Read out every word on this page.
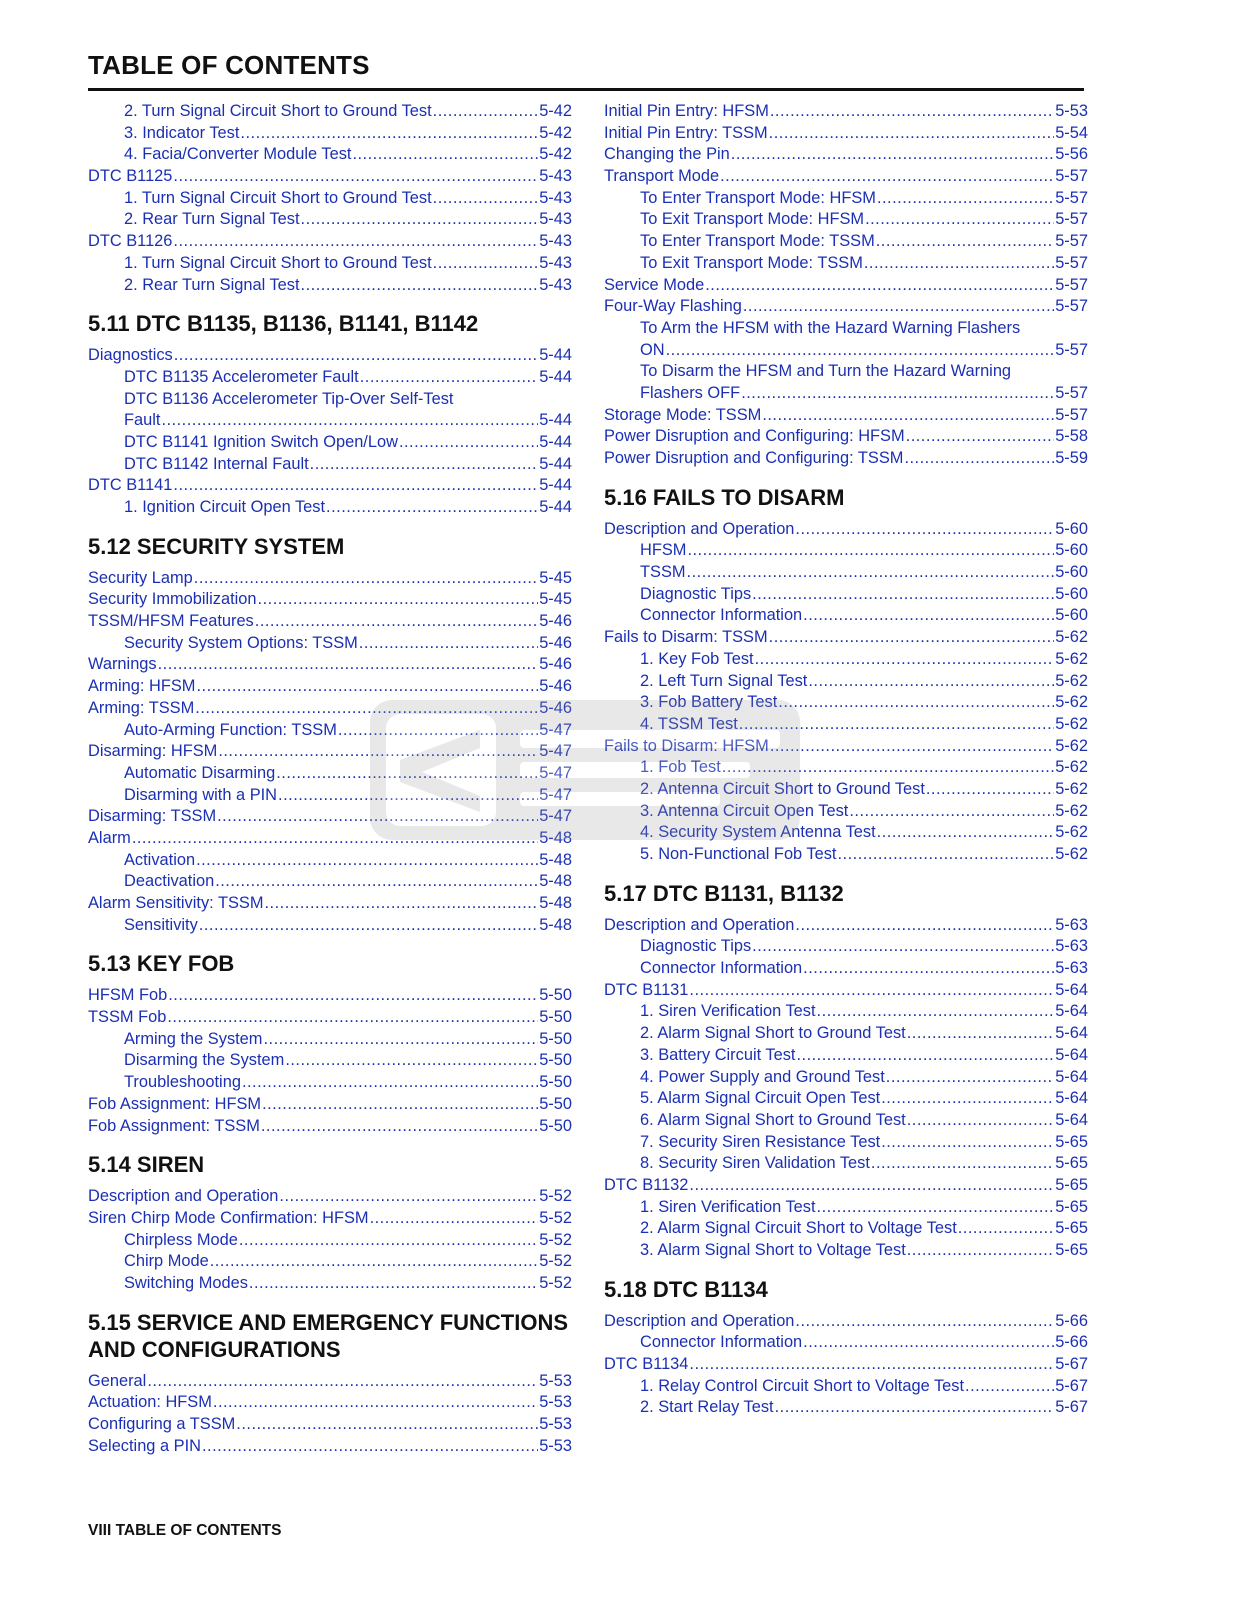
TABLE OF CONTENTS
2. Turn Signal Circuit Short to Ground Test .....	5-42
3. Indicator Test .....	5-42
4. Facia/Converter Module Test .....	5-42
DTC B1125 .....	5-43
1. Turn Signal Circuit Short to Ground Test .....	5-43
2. Rear Turn Signal Test .....	5-43
DTC B1126 .....	5-43
1. Turn Signal Circuit Short to Ground Test .....	5-43
2. Rear Turn Signal Test .....	5-43
5.11 DTC B1135, B1136, B1141, B1142
Diagnostics .....	5-44
DTC B1135 Accelerometer Fault .....	5-44
DTC B1136 Accelerometer Tip-Over Self-Test
Fault .....	5-44
DTC B1141 Ignition Switch Open/Low .....	5-44
DTC B1142 Internal Fault .....	5-44
DTC B1141 .....	5-44
1. Ignition Circuit Open Test .....	5-44
5.12 SECURITY SYSTEM
Security Lamp .....	5-45
Security Immobilization .....	5-45
TSSM/HFSM Features .....	5-46
Security System Options: TSSM .....	5-46
Warnings .....	5-46
Arming: HFSM .....	5-46
Arming: TSSM .....	5-46
Auto-Arming Function: TSSM .....	5-47
Disarming: HFSM .....	5-47
Automatic Disarming .....	5-47
Disarming with a PIN .....	5-47
Disarming: TSSM .....	5-47
Alarm .....	5-48
Activation .....	5-48
Deactivation .....	5-48
Alarm Sensitivity: TSSM .....	5-48
Sensitivity .....	5-48
5.13 KEY FOB
HFSM Fob .....	5-50
TSSM Fob .....	5-50
Arming the System .....	5-50
Disarming the System .....	5-50
Troubleshooting .....	5-50
Fob Assignment: HFSM .....	5-50
Fob Assignment: TSSM .....	5-50
5.14 SIREN
Description and Operation .....	5-52
Siren Chirp Mode Confirmation: HFSM .....	5-52
Chirpless Mode .....	5-52
Chirp Mode .....	5-52
Switching Modes .....	5-52
5.15 SERVICE AND EMERGENCY FUNCTIONS AND CONFIGURATIONS
General .....	5-53
Actuation: HFSM .....	5-53
Configuring a TSSM .....	5-53
Selecting a PIN .....	5-53
Initial Pin Entry: HFSM .....	5-53
Initial Pin Entry: TSSM .....	5-54
Changing the Pin .....	5-56
Transport Mode .....	5-57
To Enter Transport Mode: HFSM .....	5-57
To Exit Transport Mode: HFSM .....	5-57
To Enter Transport Mode: TSSM .....	5-57
To Exit Transport Mode: TSSM .....	5-57
Service Mode .....	5-57
Four-Way Flashing .....	5-57
To Arm the HFSM with the Hazard Warning Flashers
ON .....	5-57
To Disarm the HFSM and Turn the Hazard Warning
Flashers OFF .....	5-57
Storage Mode: TSSM .....	5-57
Power Disruption and Configuring: HFSM .....	5-58
Power Disruption and Configuring: TSSM .....	5-59
5.16 FAILS TO DISARM
Description and Operation .....	5-60
HFSM .....	5-60
TSSM .....	5-60
Diagnostic Tips .....	5-60
Connector Information .....	5-60
Fails to Disarm: TSSM .....	5-62
1. Key Fob Test .....	5-62
2. Left Turn Signal Test .....	5-62
3. Fob Battery Test .....	5-62
4. TSSM Test .....	5-62
Fails to Disarm: HFSM .....	5-62
1. Fob Test .....	5-62
2. Antenna Circuit Short to Ground Test .....	5-62
3. Antenna Circuit Open Test .....	5-62
4. Security System Antenna Test .....	5-62
5. Non-Functional Fob Test .....	5-62
5.17 DTC B1131, B1132
Description and Operation .....	5-63
Diagnostic Tips .....	5-63
Connector Information .....	5-63
DTC B1131 .....	5-64
1. Siren Verification Test .....	5-64
2. Alarm Signal Short to Ground Test .....	5-64
3. Battery Circuit Test .....	5-64
4. Power Supply and Ground Test .....	5-64
5. Alarm Signal Circuit Open Test .....	5-64
6. Alarm Signal Short to Ground Test .....	5-64
7. Security Siren Resistance Test .....	5-65
8. Security Siren Validation Test .....	5-65
DTC B1132 .....	5-65
1. Siren Verification Test .....	5-65
2. Alarm Signal Circuit Short to Voltage Test .....	5-65
3. Alarm Signal Short to Voltage Test .....	5-65
5.18 DTC B1134
Description and Operation .....	5-66
Connector Information .....	5-66
DTC B1134 .....	5-67
1. Relay Control Circuit Short to Voltage Test .....	5-67
2. Start Relay Test .....	5-67
VIII TABLE OF CONTENTS
